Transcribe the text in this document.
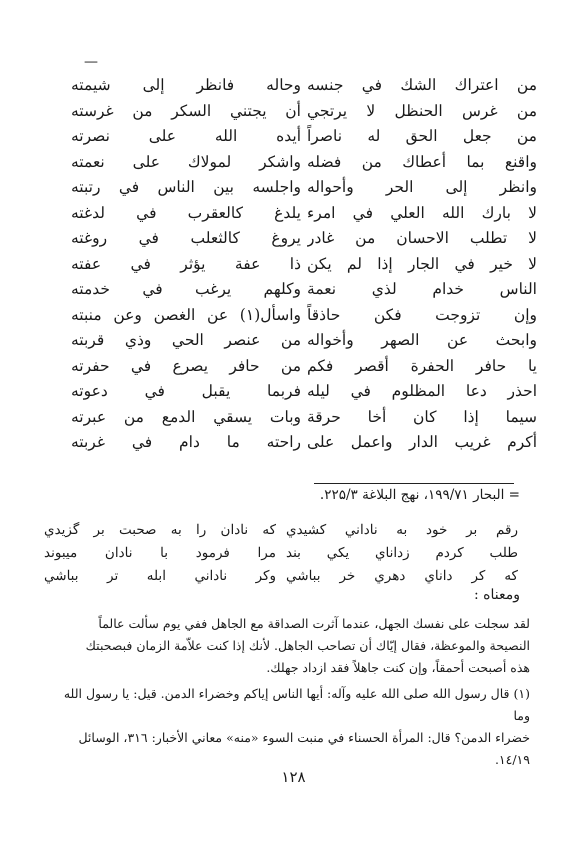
—
من اعتراك الشك في جنسه
من غرس الحنظل لا يرتجي
من جعل الحق له ناصراً
واقنع بما أعطاك من فضله
وانظر إلى الحر وأحواله
لا بارك الله العلي في امرء
لا تطلب الاحسان من غادر
لا خير في الجار إذا لم يكن
الناس خدام لذي نعمة
وإن تزوجت فكن حاذقاً
وابحث عن الصهر وأخواله
يا حافر الحفرة أقصر فكم
احذر دعا المظلوم في ليله
سيما إذا كان أخا حرقة
أكرم غريب الدار واعمل على
وحاله فانظر إلى شيمته
أن يجتني السكر من غرسته
أيده الله على نصرته
واشكر لمولاك على نعمته
واجلسه بين الناس في رتبته
يلدغ كالعقرب في لدغته
يروغ كالثعلب في روغته
ذا عفة يؤثر في عفته
وكلهم يرغب في خدمته
واسأل(١) عن الغصن وعن منبته
من عنصر الحي وذي قربته
من حافر يصرع في حفرته
فربما يقبل في دعوته
وبات يسقي الدمع من عبرته
راحته ما دام في غربته
= البحار ۱۹۹/۷۱، نهج البلاغة ۲۲۵/۳.
رقم بر خود به ناداني كشيدي
طلب كردم زداناي يكي بند
كه كر داناي دهري خر بباشي
كه نادان را به صحبت بر گزيدي
مرا فرمود با نادان ميبوند
وكر ناداني ابله تر بباشي
ومعناه :
لقد سجلت على نفسك الجهل، عندما آثرت الصداقة مع الجاهل ففي يوم سألت عالماً
النصيحة والموعظة، فقال إيّاك أن تصاحب الجاهل. لأنك إذا كنت علاّمة الزمان فبصحبتك
هذه أصبحت أحمقاً، وإن كنت جاهلاً فقد ازداد جهلك.
(١) قال رسول الله صلى الله عليه وآله: أيها الناس إياكم وخضراء الدمن. قيل: يا رسول الله وما
خضراء الدمن؟ قال: المرأة الحسناء في منبت السوء «منه» معاني الأخبار: ۳۱٦، الوسائل
١٤/١٩.
١٢٨
